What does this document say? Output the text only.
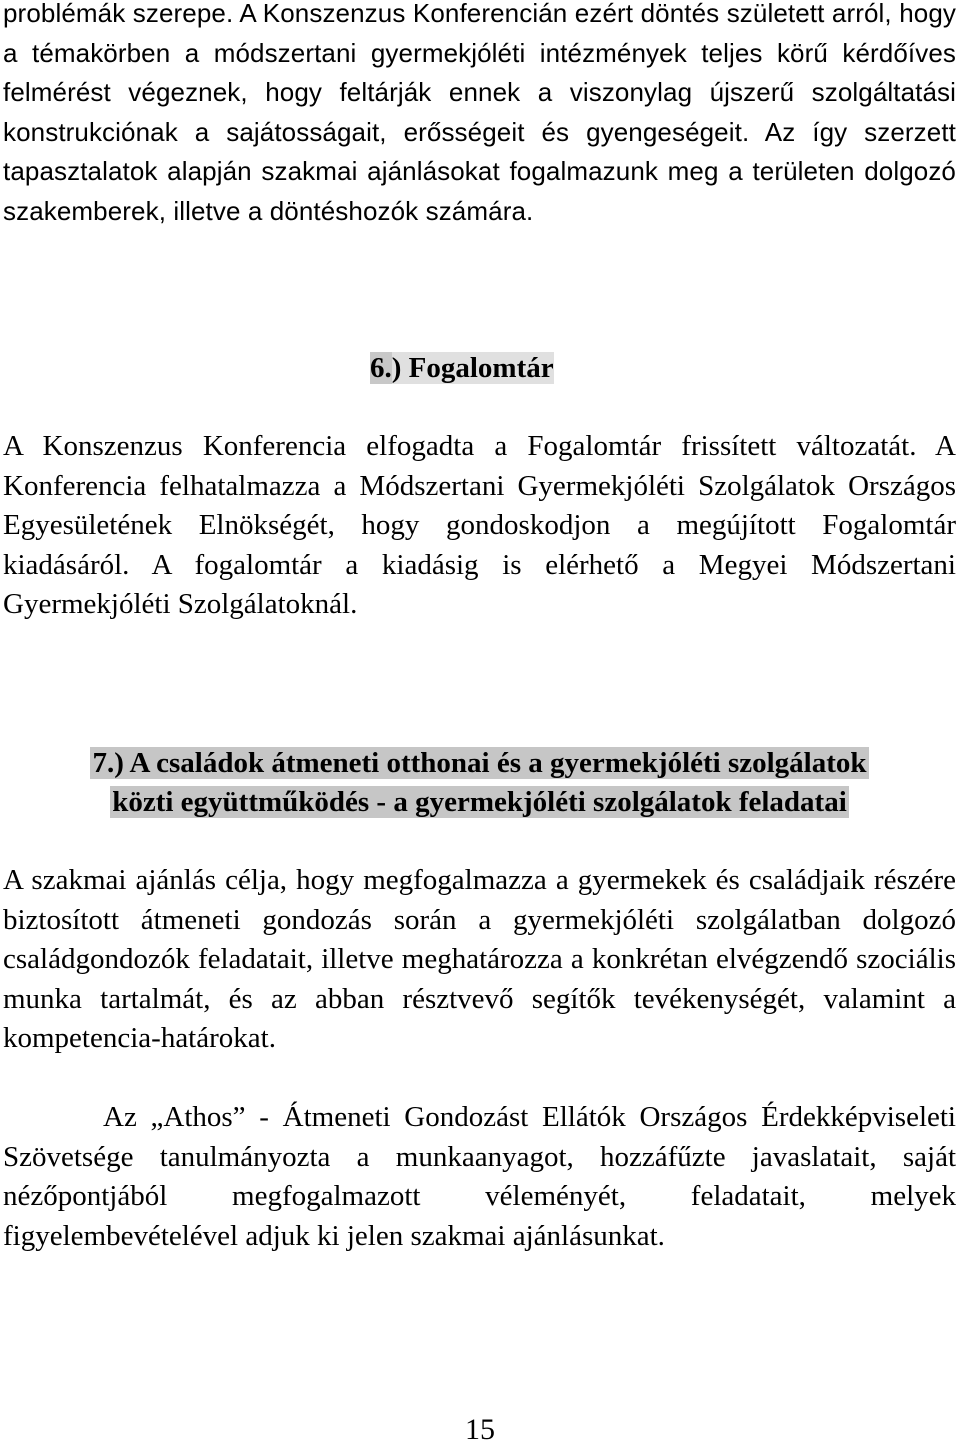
problémák szerepe. A Konszenzus Konferencián ezért döntés született arról, hogy a témakörben a módszertani gyermekjóléti intézmények teljes körű kérdőíves felmérést végeznek, hogy feltárják ennek a viszonylag újszerű szolgáltatási konstrukciónak a sajátosságait, erősségeit és gyengeségeit. Az így szerzett tapasztalatok alapján szakmai ajánlásokat fogalmazunk meg a területen dolgozó szakemberek, illetve a döntéshozók számára.

6.) Fogalomtár

A Konszenzus Konferencia elfogadta a Fogalomtár frissített változatát. A Konferencia felhatalmazza a Módszertani Gyermekjóléti Szolgálatok Országos Egyesületének Elnökségét, hogy gondoskodjon a megújított Fogalomtár kiadásáról. A fogalomtár a kiadásig is elérhető a Megyei Módszertani Gyermekjóléti Szolgálatoknál.

7.) A családok átmeneti otthonai és a gyermekjóléti szolgálatok
közti együttműködés - a gyermekjóléti szolgálatok feladatai

A szakmai ajánlás célja, hogy megfogalmazza a gyermekek és családjaik részére biztosított átmeneti gondozás során a gyermekjóléti szolgálatban dolgozó családgondozók feladatait, illetve meghatározza a konkrétan elvégzendő szociális munka tartalmát, és az abban résztvevő segítők tevékenységét, valamint a kompetencia-határokat.

Az „Athos” - Átmeneti Gondozást Ellátók Országos Érdekképviseleti Szövetsége tanulmányozta a munkaanyagot, hozzáfűzte javaslatait, saját nézőpontjából megfogalmazott véleményét, feladatait, melyek figyelembevételével adjuk ki jelen szakmai ajánlásunkat.

15
